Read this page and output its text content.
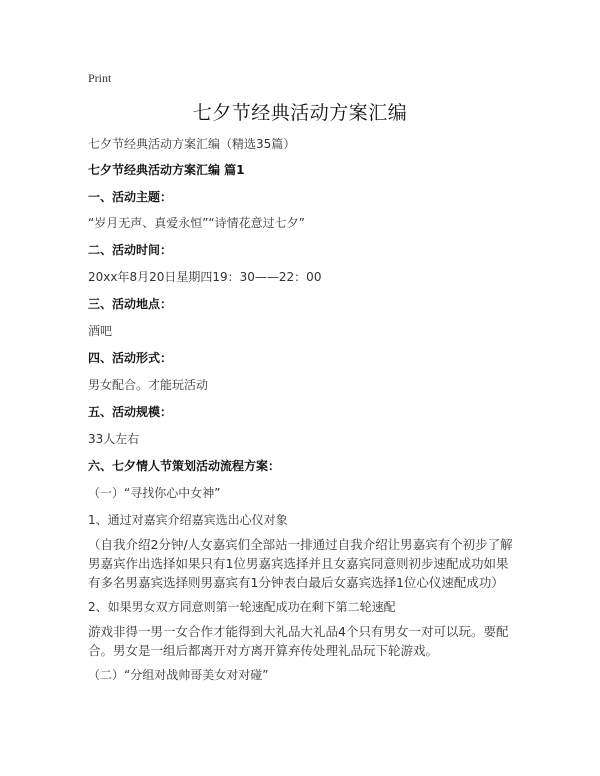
Print
七夕节经典活动方案汇编
七夕节经典活动方案汇编（精选35篇）
七夕节经典活动方案汇编 篇1
一、活动主题：
“岁月无声、真爱永恒”“诗情花意过七夕”
二、活动时间：
20xx年8月20日星期四19：30——22：00
三、活动地点：
酒吧
四、活动形式：
男女配合。才能玩活动
五、活动规模：
33人左右
六、七夕情人节策划活动流程方案：
（一）“寻找你心中女神”
1、通过对嘉宾介绍嘉宾选出心仪对象
（自我介绍2分钟/人女嘉宾们全部站一排通过自我介绍让男嘉宾有个初步了解男嘉宾作出选择如果只有1位男嘉宾选择并且女嘉宾同意则初步速配成功如果有多名男嘉宾选择则男嘉宾有1分钟表白最后女嘉宾选择1位心仪速配成功）
2、如果男女双方同意则第一轮速配成功在剩下第二轮速配
游戏非得一男一女合作才能得到大礼品大礼品4个只有男女一对可以玩。要配合。男女是一组后都离开对方离开算弃传处理礼品玩下轮游戏。
（二）“分组对战帅哥美女对对碰”
